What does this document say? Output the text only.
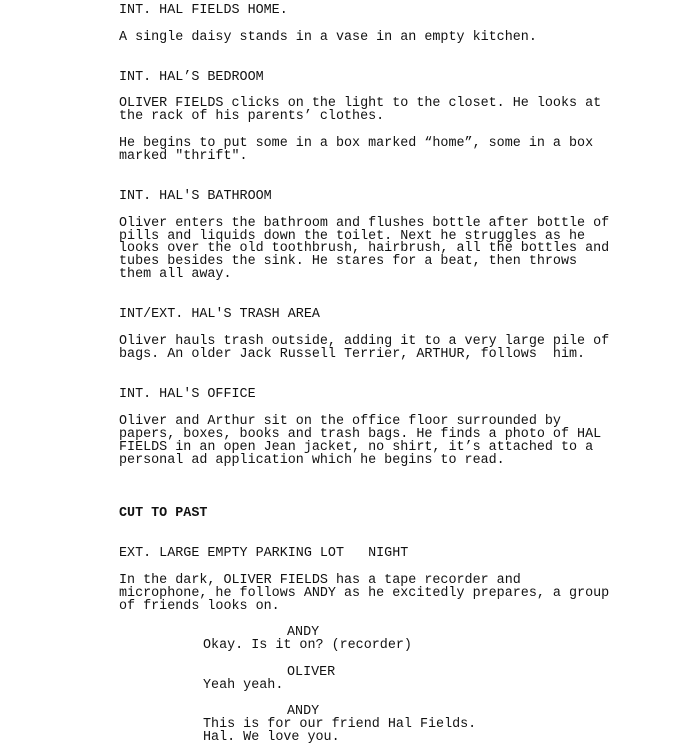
INT. HAL FIELDS HOME.
A single daisy stands in a vase in an empty kitchen.
INT. HAL’S BEDROOM
OLIVER FIELDS clicks on the light to the closet. He looks at
the rack of his parents’ clothes.
He begins to put some in a box marked “home”, some in a box
marked "thrift".
INT. HAL'S BATHROOM
Oliver enters the bathroom and flushes bottle after bottle of
pills and liquids down the toilet. Next he struggles as he
looks over the old toothbrush, hairbrush, all the bottles and
tubes besides the sink. He stares for a beat, then throws
them all away.
INT/EXT. HAL'S TRASH AREA
Oliver hauls trash outside, adding it to a very large pile of
bags. An older Jack Russell Terrier, ARTHUR, follows  him.
INT. HAL'S OFFICE
Oliver and Arthur sit on the office floor surrounded by
papers, boxes, books and trash bags. He finds a photo of HAL
FIELDS in an open Jean jacket, no shirt, it’s attached to a
personal ad application which he begins to read.
CUT TO PAST
EXT. LARGE EMPTY PARKING LOT   NIGHT
In the dark, OLIVER FIELDS has a tape recorder and
microphone, he follows ANDY as he excitedly prepares, a group
of friends looks on.
ANDY
Okay. Is it on? (recorder)
OLIVER
Yeah yeah.
ANDY
This is for our friend Hal Fields.
Hal. We love you.
